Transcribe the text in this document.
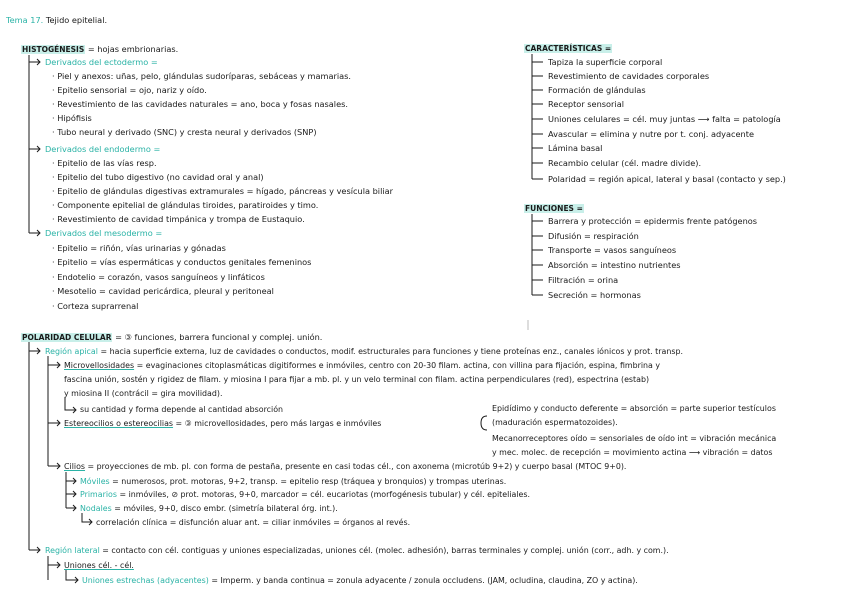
Tema 17. Tejido epitelial.
HISTOGÉNESIS = hojas embrionarias.
Derivados del ectodermo =
· Piel y anexos: uñas, pelo, glándulas sudoríparas, sebáceas y mamarias.
· Epitelio sensorial = ojo, nariz y oído.
· Revestimiento de las cavidades naturales = ano, boca y fosas nasales.
· Hipófisis
· Tubo neural y derivado (SNC) y cresta neural y derivados (SNP)
Derivados del endodermo =
· Epitelio de las vías resp.
· Epitelio del tubo digestivo (no cavidad oral y anal)
· Epitelio de glándulas digestivas extramurales = hígado, páncreas y vesícula biliar
· Componente epitelial de glándulas tiroides, paratiroides y timo.
· Revestimiento de cavidad timpánica y trompa de Eustaquio.
Derivados del mesodermo =
· Epitelio = riñón, vías urinarias y gónadas
· Epitelio = vías espermáticas y conductos genitales femeninos
· Endotelio = corazón, vasos sanguíneos y linfáticos
· Mesotelio = cavidad pericárdica, pleural y peritoneal
· Corteza suprarrenal
CARACTERÍSTICAS =
Tapiza la superficie corporal
Revestimiento de cavidades corporales
Formación de glándulas
Receptor sensorial
Uniones celulares = cél. muy juntas ⟶ falta = patología
Avascular = elimina y nutre por t. conj. adyacente
Lámina basal
Recambio celular (cél. madre divide).
Polaridad = región apical, lateral y basal (contacto y sep.)
FUNCIONES =
Barrera y protección = epidermis frente patógenos
Difusión = respiración
Transporte = vasos sanguíneos
Absorción = intestino nutrientes
Filtración = orina
Secreción = hormonas
POLARIDAD CELULAR = ③ funciones, barrera funcional y complej. unión.
Región apical = hacia superficie externa, luz de cavidades o conductos, modif. estructurales para funciones y tiene proteínas enz., canales iónicos y prot. transp.
Microvellosidades = evaginaciones citoplasmáticas digitiformes e inmóviles, centro con 20-30 filam. actina, con villina para fijación, espina, fimbrina y
fascina unión, sostén y rigidez de filam. y miosina I para fijar a mb. pl. y un velo terminal con filam. actina perpendiculares (red), espectrina (estab)
y miosina II (contrácil = gira movilidad).
su cantidad y forma depende al cantidad absorción
Estereocilios o estereocilias = ③ microvellosidades, pero más largas e inmóviles
Epidídimo y conducto deferente = absorción = parte superior testículos
(maduración espermatozoides).
Mecanorreceptores oído = sensoriales de oído int = vibración mecánica
y mec. molec. de recepción = movimiento actina ⟶ vibración = datos
Cilios = proyecciones de mb. pl. con forma de pestaña, presente en casi todas cél., con axonema (microtúb 9+2) y cuerpo basal (MTOC 9+0).
Móviles = numerosos, prot. motoras, 9+2, transp. = epitelio resp (tráquea y bronquios) y trompas uterinas.
Primarios = inmóviles, ⊘ prot. motoras, 9+0, marcador = cél. eucariotas (morfogénesis tubular) y cél. epiteliales.
Nodales = móviles, 9+0, disco embr. (simetría bilateral órg. int.).
correlación clínica = disfunción aluar ant. = ciliar inmóviles = órganos al revés.
Región lateral = contacto con cél. contiguas y uniones especializadas, uniones cél. (molec. adhesión), barras terminales y complej. unión (corr., adh. y com.).
Uniones cél. - cél.
Uniones estrechas (adyacentes) = Imperm. y banda continua = zonula adyacente / zonula occludens. (JAM, ocludina, claudina, ZO y actina).
